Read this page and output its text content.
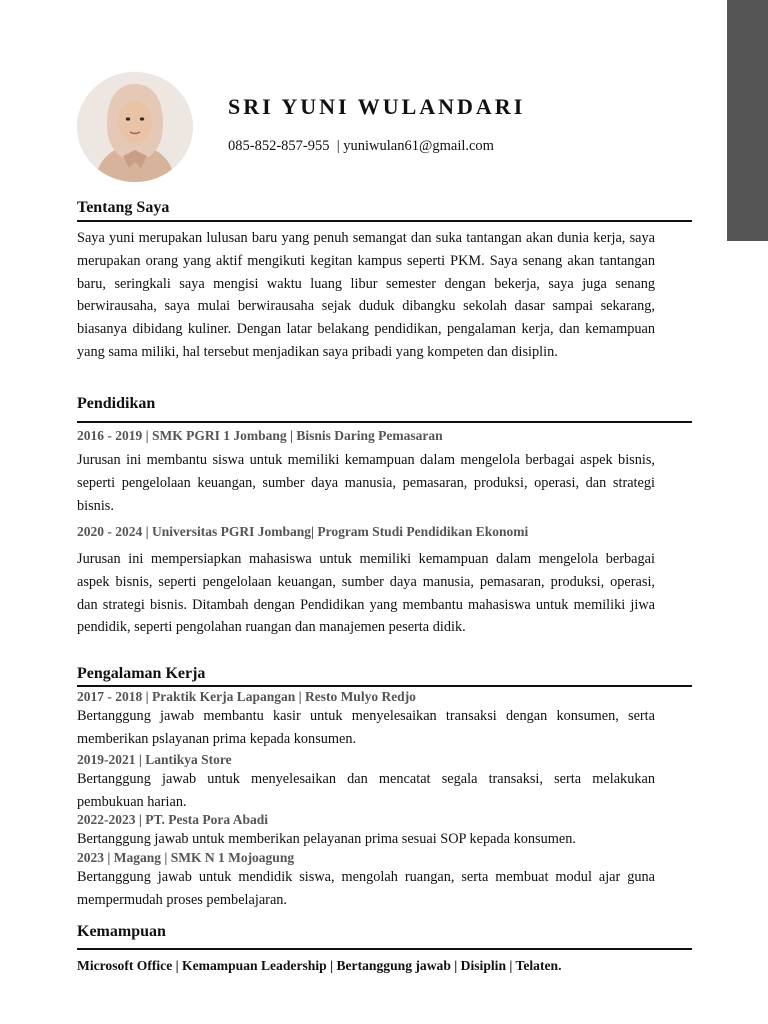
SRI YUNI WULANDARI
085-852-857-955 | yuniwulan61@gmail.com
Tentang Saya
Saya yuni merupakan lulusan baru yang penuh semangat dan suka tantangan akan dunia kerja, saya merupakan orang yang aktif mengikuti kegitan kampus seperti PKM. Saya senang akan tantangan baru, seringkali saya mengisi waktu luang libur semester dengan bekerja, saya juga senang berwirausaha, saya mulai berwirausaha sejak duduk dibangku sekolah dasar sampai sekarang, biasanya dibidang kuliner. Dengan latar belakang pendidikan, pengalaman kerja, dan kemampuan yang sama miliki, hal tersebut menjadikan saya pribadi yang kompeten dan disiplin.
Pendidikan
2016 - 2019 | SMK PGRI 1 Jombang | Bisnis Daring Pemasaran
Jurusan ini membantu siswa untuk memiliki kemampuan dalam mengelola berbagai aspek bisnis, seperti pengelolaan keuangan, sumber daya manusia, pemasaran, produksi, operasi, dan strategi bisnis.
2020 - 2024 | Universitas PGRI Jombang| Program Studi Pendidikan Ekonomi
Jurusan ini mempersiapkan mahasiswa untuk memiliki kemampuan dalam mengelola berbagai aspek bisnis, seperti pengelolaan keuangan, sumber daya manusia, pemasaran, produksi, operasi, dan strategi bisnis. Ditambah dengan Pendidikan yang membantu mahasiswa untuk memiliki jiwa pendidik, seperti pengolahan ruangan dan manajemen peserta didik.
Pengalaman Kerja
2017 - 2018 | Praktik Kerja Lapangan | Resto Mulyo Redjo
Bertanggung jawab membantu kasir untuk menyelesaikan transaksi dengan konsumen, serta memberikan pslayanan prima kepada konsumen.
2019-2021 | Lantikya Store
Bertanggung jawab untuk menyelesaikan dan mencatat segala transaksi, serta melakukan pembukuan harian.
2022-2023 | PT. Pesta Pora Abadi
Bertanggung jawab untuk memberikan pelayanan prima sesuai SOP kepada konsumen.
2023 | Magang | SMK N 1 Mojoagung
Bertanggung jawab untuk mendidik siswa, mengolah ruangan, serta membuat modul ajar guna mempermudah proses pembelajaran.
Kemampuan
Microsoft Office | Kemampuan Leadership | Bertanggung jawab | Disiplin | Telaten.
